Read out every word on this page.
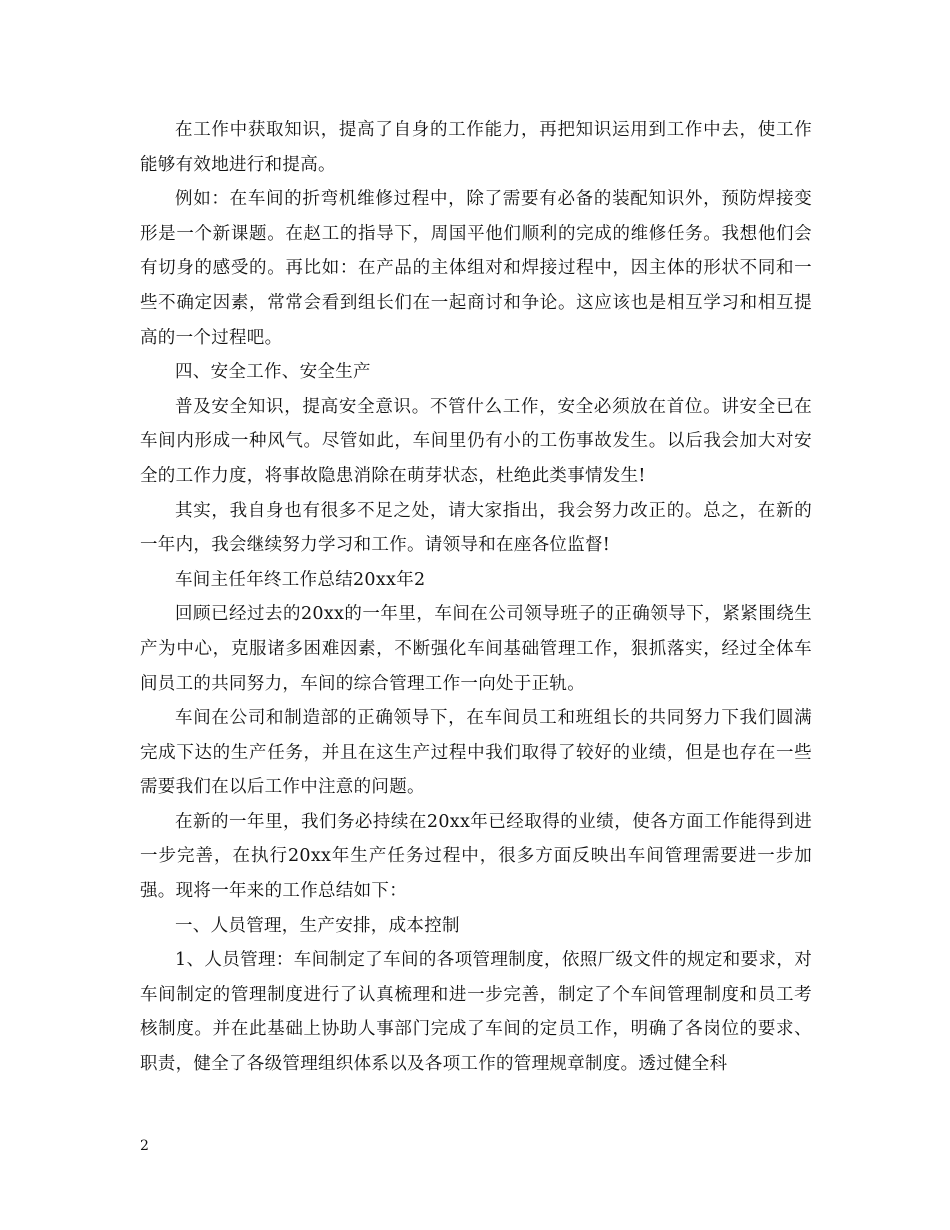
在工作中获取知识，提高了自身的工作能力，再把知识运用到工作中去，使工作能够有效地进行和提高。

例如：在车间的折弯机维修过程中，除了需要有必备的装配知识外，预防焊接变形是一个新课题。在赵工的指导下，周国平他们顺利的完成的维修任务。我想他们会有切身的感受的。再比如：在产品的主体组对和焊接过程中，因主体的形状不同和一些不确定因素，常常会看到组长们在一起商讨和争论。这应该也是相互学习和相互提高的一个过程吧。

四、安全工作、安全生产

普及安全知识，提高安全意识。不管什么工作，安全必须放在首位。讲安全已在车间内形成一种风气。尽管如此，车间里仍有小的工伤事故发生。以后我会加大对安全的工作力度，将事故隐患消除在萌芽状态，杜绝此类事情发生!

其实，我自身也有很多不足之处，请大家指出，我会努力改正的。总之，在新的一年内，我会继续努力学习和工作。请领导和在座各位监督!

车间主任年终工作总结20xx年2

回顾已经过去的20xx的一年里，车间在公司领导班子的正确领导下，紧紧围绕生产为中心，克服诸多困难因素，不断强化车间基础管理工作，狠抓落实，经过全体车间员工的共同努力，车间的综合管理工作一向处于正轨。

车间在公司和制造部的正确领导下，在车间员工和班组长的共同努力下我们圆满完成下达的生产任务，并且在这生产过程中我们取得了较好的业绩，但是也存在一些需要我们在以后工作中注意的问题。

在新的一年里，我们务必持续在20xx年已经取得的业绩，使各方面工作能得到进一步完善，在执行20xx年生产任务过程中，很多方面反映出车间管理需要进一步加强。现将一年来的工作总结如下：

一、人员管理，生产安排，成本控制

1、人员管理：车间制定了车间的各项管理制度，依照厂级文件的规定和要求，对车间制定的管理制度进行了认真梳理和进一步完善，制定了个车间管理制度和员工考核制度。并在此基础上协助人事部门完成了车间的定员工作，明确了各岗位的要求、职责，健全了各级管理组织体系以及各项工作的管理规章制度。透过健全科

2
